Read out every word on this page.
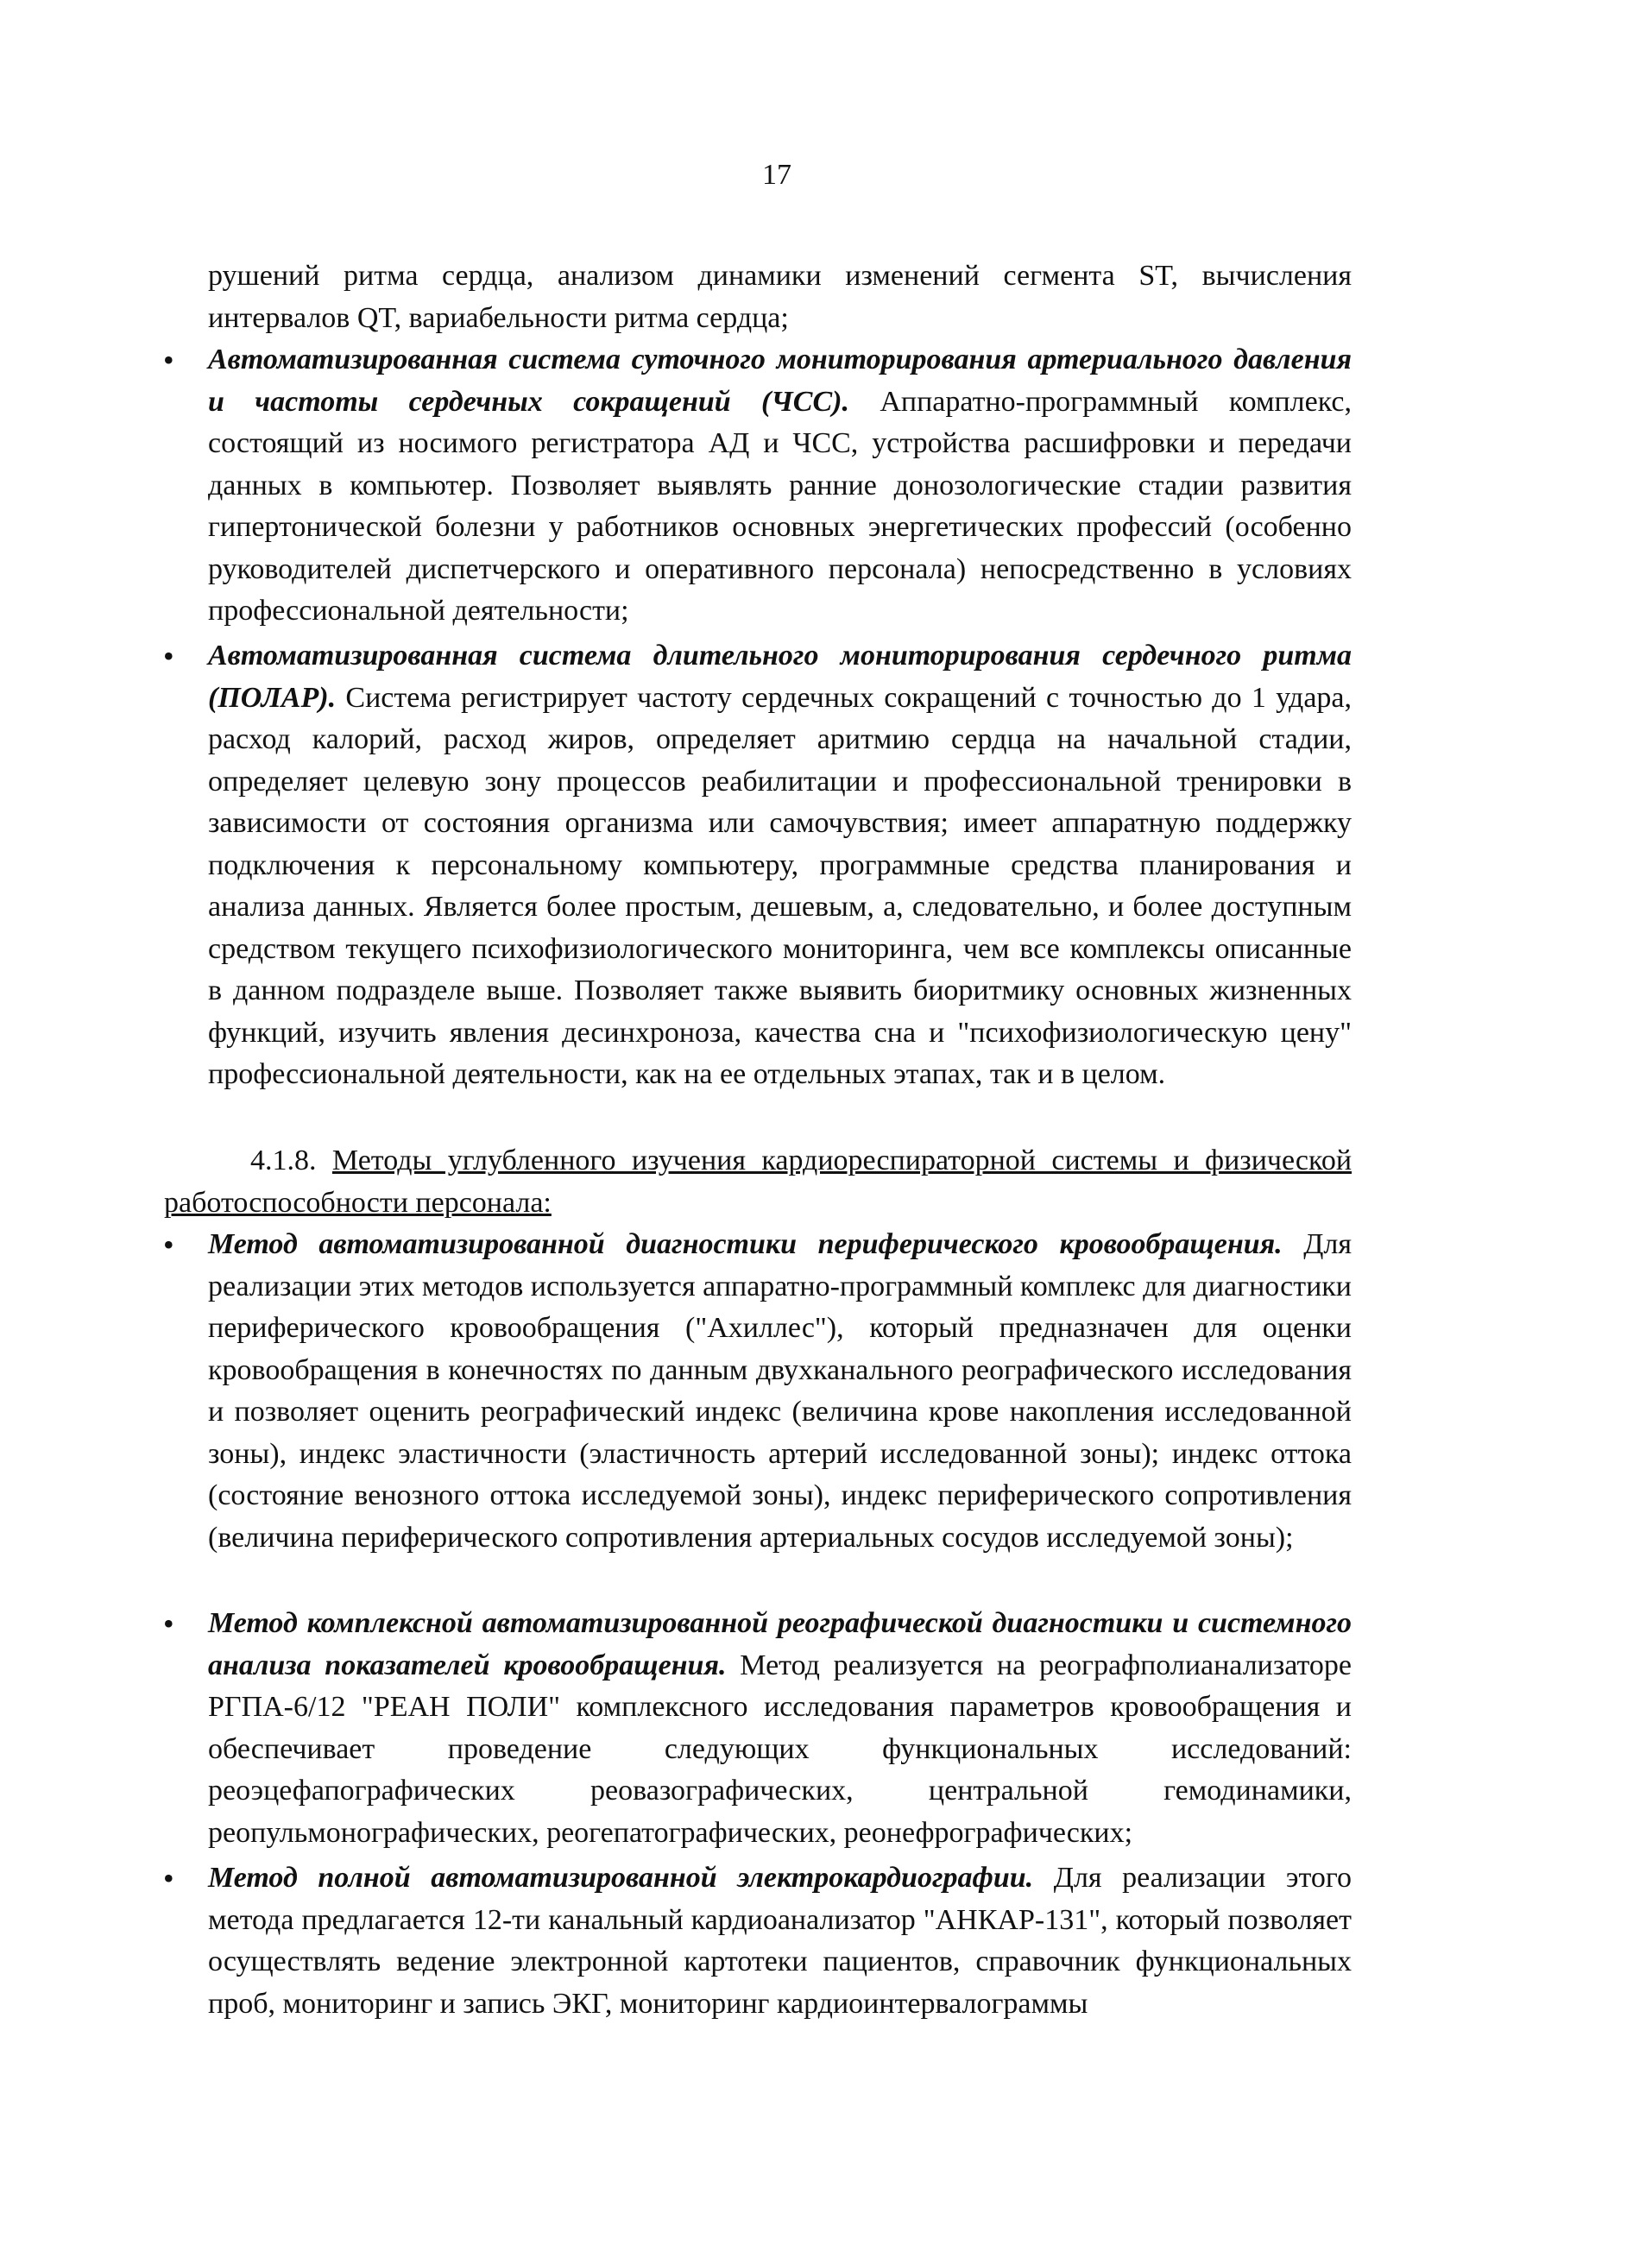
17

рушений ритма сердца, анализом динамики изменений сегмента ST, вычисления интервалов QT, вариабельности ритма сердца;

•	Автоматизированная система суточного мониторирования артериального давления и частоты сердечных сокращений (ЧСС). Аппаратно-программный комплекс, состоящий из носимого регистратора АД и ЧСС, устройства расшифровки и передачи данных в компьютер. Позволяет выявлять ранние донозологические стадии развития гипертонической болезни у работников основных энергетических профессий (особенно руководителей диспетчерского и оперативного персонала) непосредственно в условиях профессиональной деятельности;

•	Автоматизированная система длительного мониторирования сердечного ритма (ПОЛАР). Система регистрирует частоту сердечных сокращений с точностью до 1 удара, расход калорий, расход жиров, определяет аритмию сердца на начальной стадии, определяет целевую зону процессов реабилитации и профессиональной тренировки в зависимости от состояния организма или самочувствия; имеет аппаратную поддержку подключения к персональному компьютеру, программные средства планирования и анализа данных. Является более простым, дешевым, а, следовательно, и более доступным средством текущего психофизиологического мониторинга, чем все комплексы описанные в данном подразделе выше. Позволяет также выявить биоритмику основных жизненных функций, изучить явления десинхроноза, качества сна и "психофизиологическую цену" профессиональной деятельности, как на ее отдельных этапах, так и в целом.

4.1.8. Методы углубленного изучения кардиореспираторной системы и физической работоспособности персонала:

•	Метод автоматизированной диагностики периферического кровообращения. Для реализации этих методов используется аппаратно-программный комплекс для диагностики периферического кровообращения ("Ахиллес"), который предназначен для оценки кровообращения в конечностях по данным двухканального реографического исследования и позволяет оценить реографический индекс (величина крове накопления исследованной зоны), индекс эластичности (эластичность артерий исследованной зоны); индекс оттока (состояние венозного оттока исследуемой зоны), индекс периферического сопротивления (величина периферического сопротивления артериальных сосудов исследуемой зоны);

•	Метод комплексной автоматизированной реографической диагностики и системного анализа показателей кровообращения. Метод реализуется на реографполианализаторе РГПА-6/12 "РЕАН ПОЛИ" комплексного исследования параметров кровообращения и обеспечивает проведение следующих функциональных исследований: реоэцефапографических реовазографических, центральной гемодинамики, реопульмонографических, реогепатографических, реонефрографических;

•	Метод полной автоматизированной электрокардиографии. Для реализации этого метода предлагается 12-ти канальный кардиоанализатор "АНКАР-131", который позволяет осуществлять ведение электронной картотеки пациентов, справочник функциональных проб, мониторинг и запись ЭКГ, мониторинг кардиоинтервалограммы
